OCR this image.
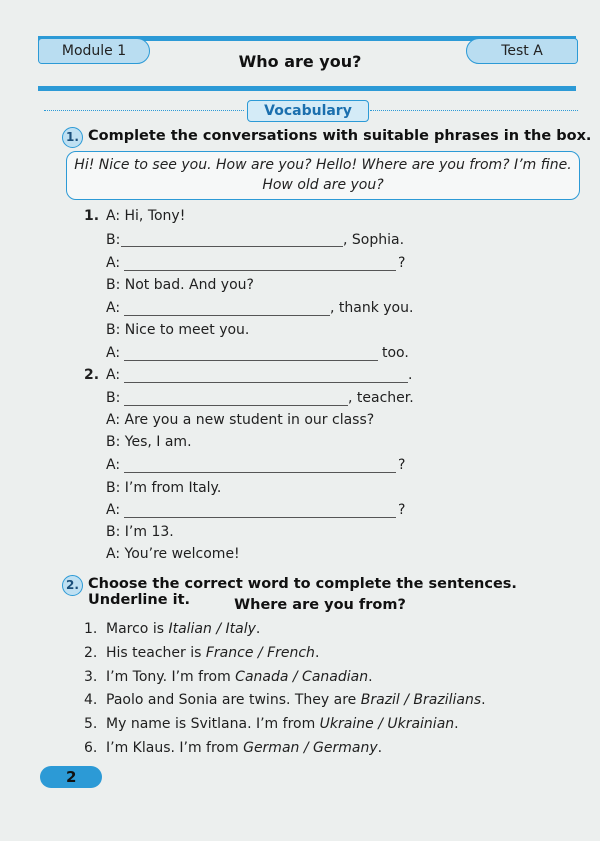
Module 1	Test A
Who are you?
Vocabulary
1. Complete the conversations with suitable phrases in the box.
Hi! Nice to see you. How are you? Hello! Where are you from? I’m fine.
How old are you?
1. A: Hi, Tony!
B:	, Sophia.
A:	?
B: Not bad. And you?
A:	, thank you.
B: Nice to meet you.
A:	too.
2. A:	.
B:	, teacher.
A: Are you a new student in our class?
B: Yes, I am.
A:	?
B: I’m from Italy.
A:	?
B: I’m 13.
A: You’re welcome!
2. Choose the correct word to complete the sentences. Underline it.	Where are you from?
1. Marco is Italian / Italy.
2. His teacher is France / French.
3. I’m Tony. I’m from Canada / Canadian.
4. Paolo and Sonia are twins. They are Brazil / Brazilians.
5. My name is Svitlana. I’m from Ukraine / Ukrainian.
6. I’m Klaus. I’m from German / Germany.
2
